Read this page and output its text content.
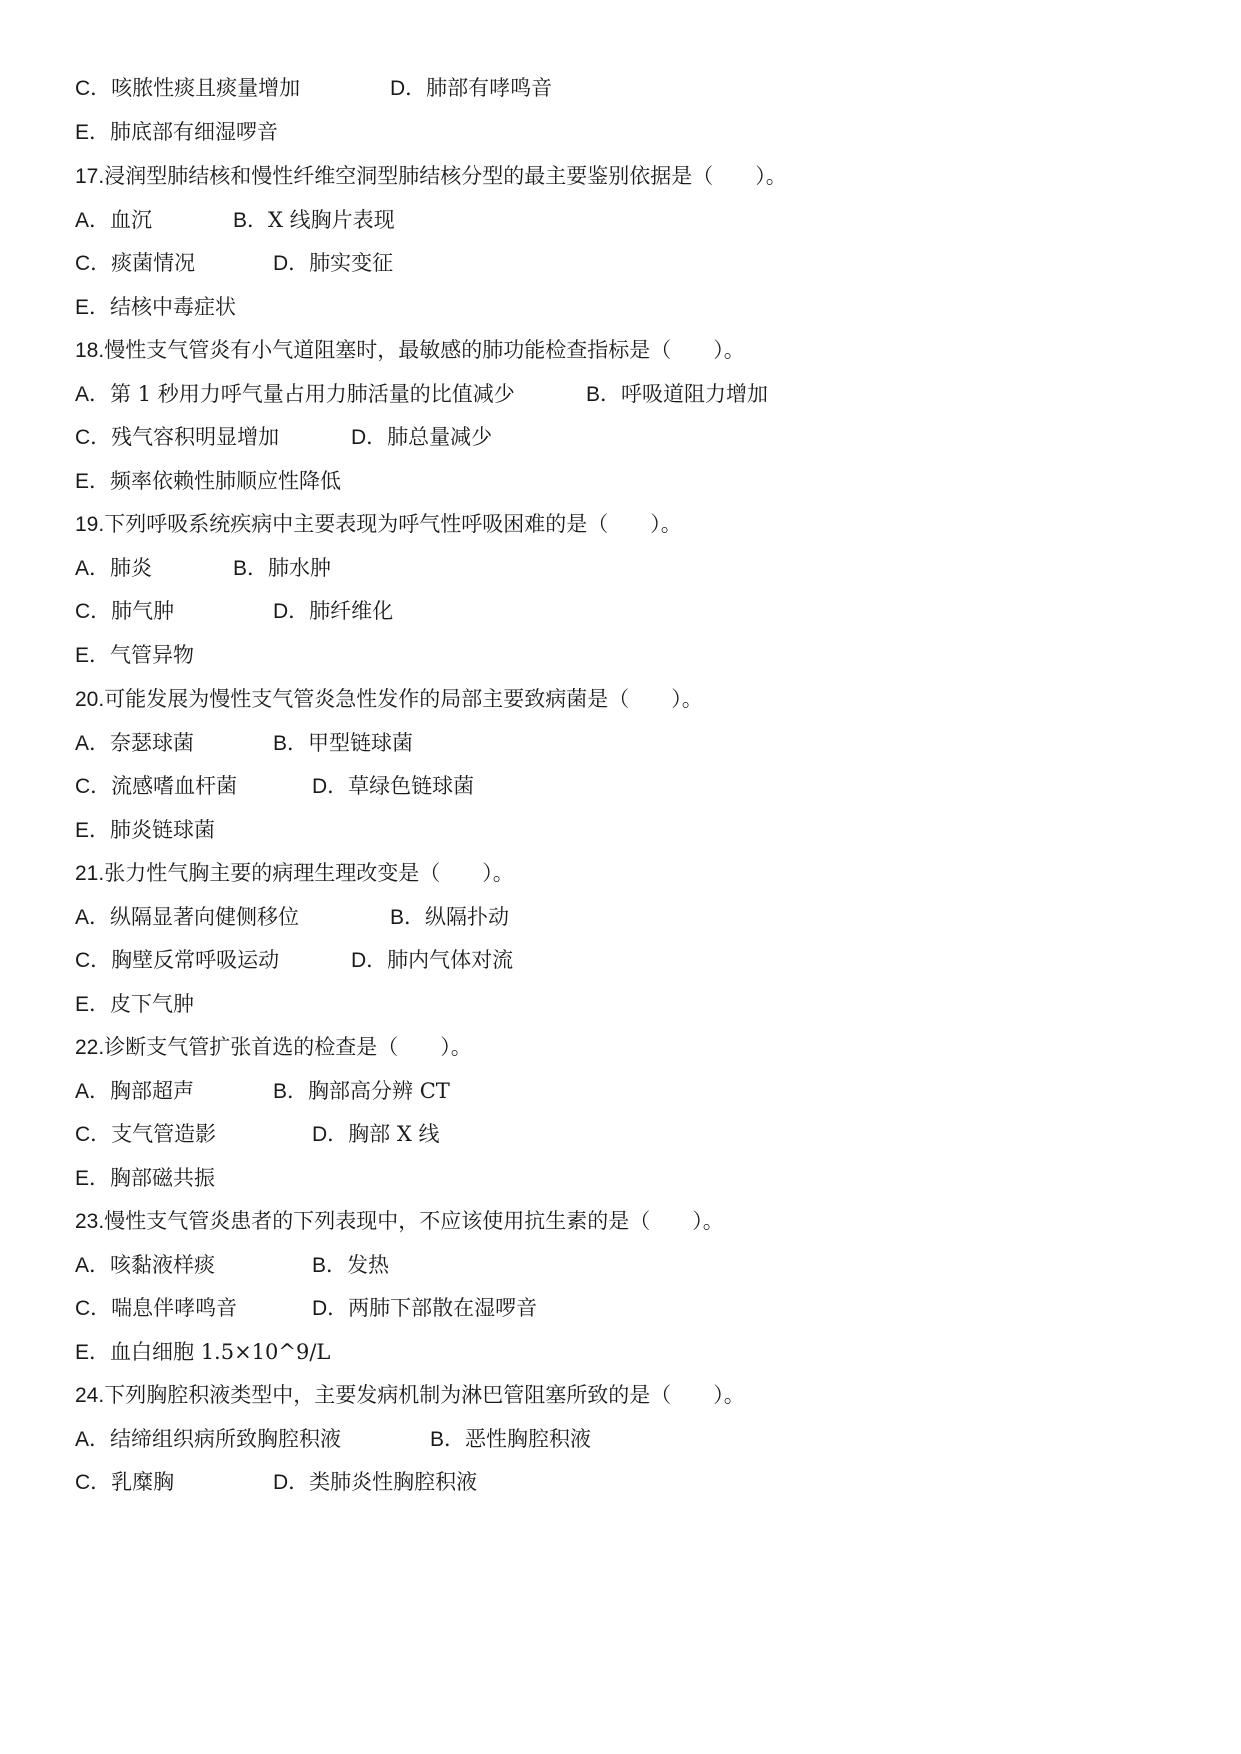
C．咳脓性痰且痰量增加	D．肺部有哮鸣音
E．肺底部有细湿啰音
17.浸润型肺结核和慢性纤维空洞型肺结核分型的最主要鉴别依据是（　　）。
A．血沉	B．X 线胸片表现
C．痰菌情况	D．肺实变征
E．结核中毒症状
18.慢性支气管炎有小气道阻塞时，最敏感的肺功能检查指标是（　　）。
A．第 1 秒用力呼气量占用力肺活量的比值减少	B．呼吸道阻力增加
C．残气容积明显增加	D．肺总量减少
E．频率依赖性肺顺应性降低
19.下列呼吸系统疾病中主要表现为呼气性呼吸困难的是（　　）。
A．肺炎	B．肺水肿
C．肺气肿	D．肺纤维化
E．气管异物
20.可能发展为慢性支气管炎急性发作的局部主要致病菌是（　　）。
A．奈瑟球菌	B．甲型链球菌
C．流感嗜血杆菌	D．草绿色链球菌
E．肺炎链球菌
21.张力性气胸主要的病理生理改变是（　　）。
A．纵隔显著向健侧移位	B．纵隔扑动
C．胸壁反常呼吸运动	D．肺内气体对流
E．皮下气肿
22.诊断支气管扩张首选的检查是（　　）。
A．胸部超声	B．胸部高分辨 CT
C．支气管造影	D．胸部 X 线
E．胸部磁共振
23.慢性支气管炎患者的下列表现中，不应该使用抗生素的是（　　）。
A．咳黏液样痰	B．发热
C．喘息伴哮鸣音	D．两肺下部散在湿啰音
E．血白细胞 1.5×10^9/L
24.下列胸腔积液类型中，主要发病机制为淋巴管阻塞所致的是（　　）。
A．结缔组织病所致胸腔积液	B．恶性胸腔积液
C．乳糜胸	D．类肺炎性胸腔积液
